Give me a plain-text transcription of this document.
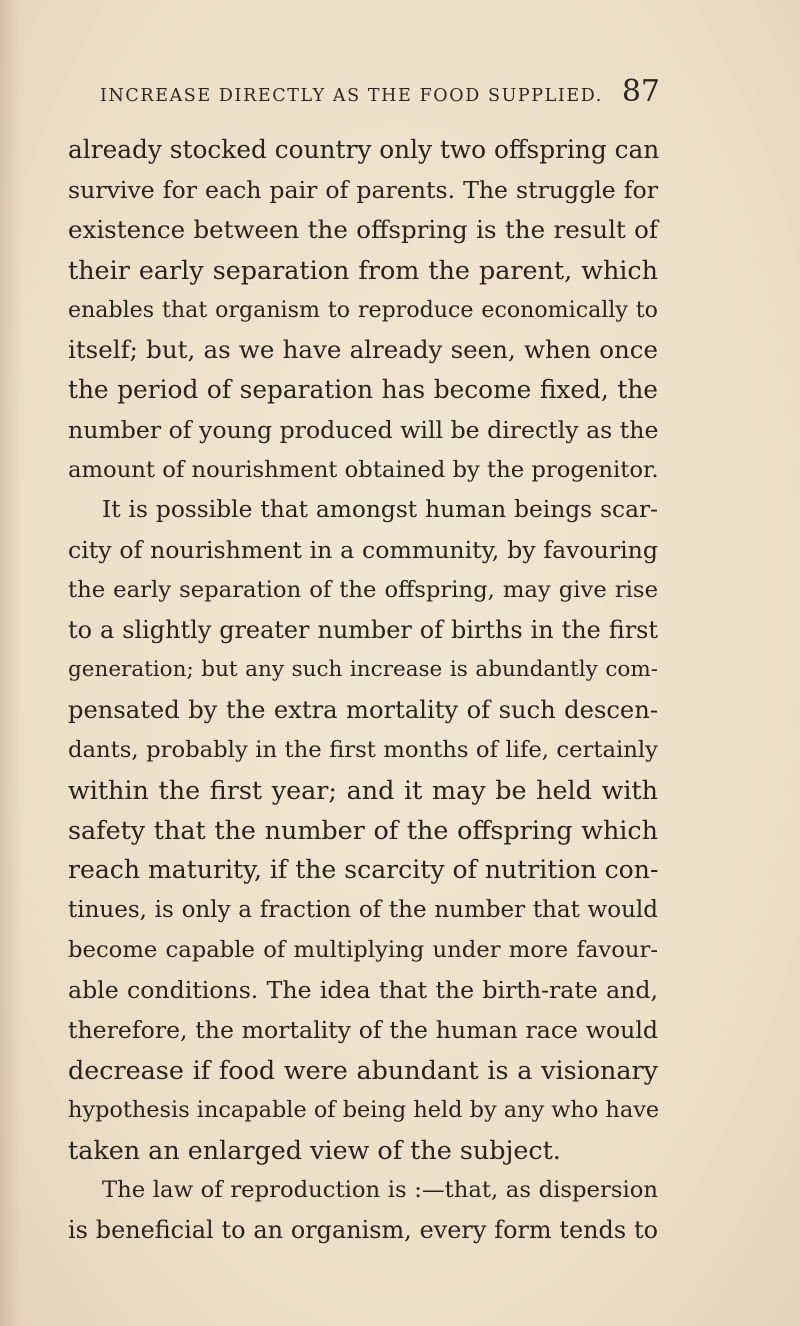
INCREASE DIRECTLY AS THE FOOD SUPPLIED. 87
already stocked country only two offspring can
survive for each pair of parents. The struggle for
existence between the offspring is the result of
their early separation from the parent, which
enables that organism to reproduce economically to
itself; but, as we have already seen, when once
the period of separation has become fixed, the
number of young produced will be directly as the
amount of nourishment obtained by the progenitor.
It is possible that amongst human beings scar-
city of nourishment in a community, by favouring
the early separation of the offspring, may give rise
to a slightly greater number of births in the first
generation; but any such increase is abundantly com-
pensated by the extra mortality of such descen-
dants, probably in the first months of life, certainly
within the first year; and it may be held with
safety that the number of the offspring which
reach maturity, if the scarcity of nutrition con-
tinues, is only a fraction of the number that would
become capable of multiplying under more favour-
able conditions. The idea that the birth-rate and,
therefore, the mortality of the human race would
decrease if food were abundant is a visionary
hypothesis incapable of being held by any who have
taken an enlarged view of the subject.
The law of reproduction is :—that, as dispersion
is beneficial to an organism, every form tends to
